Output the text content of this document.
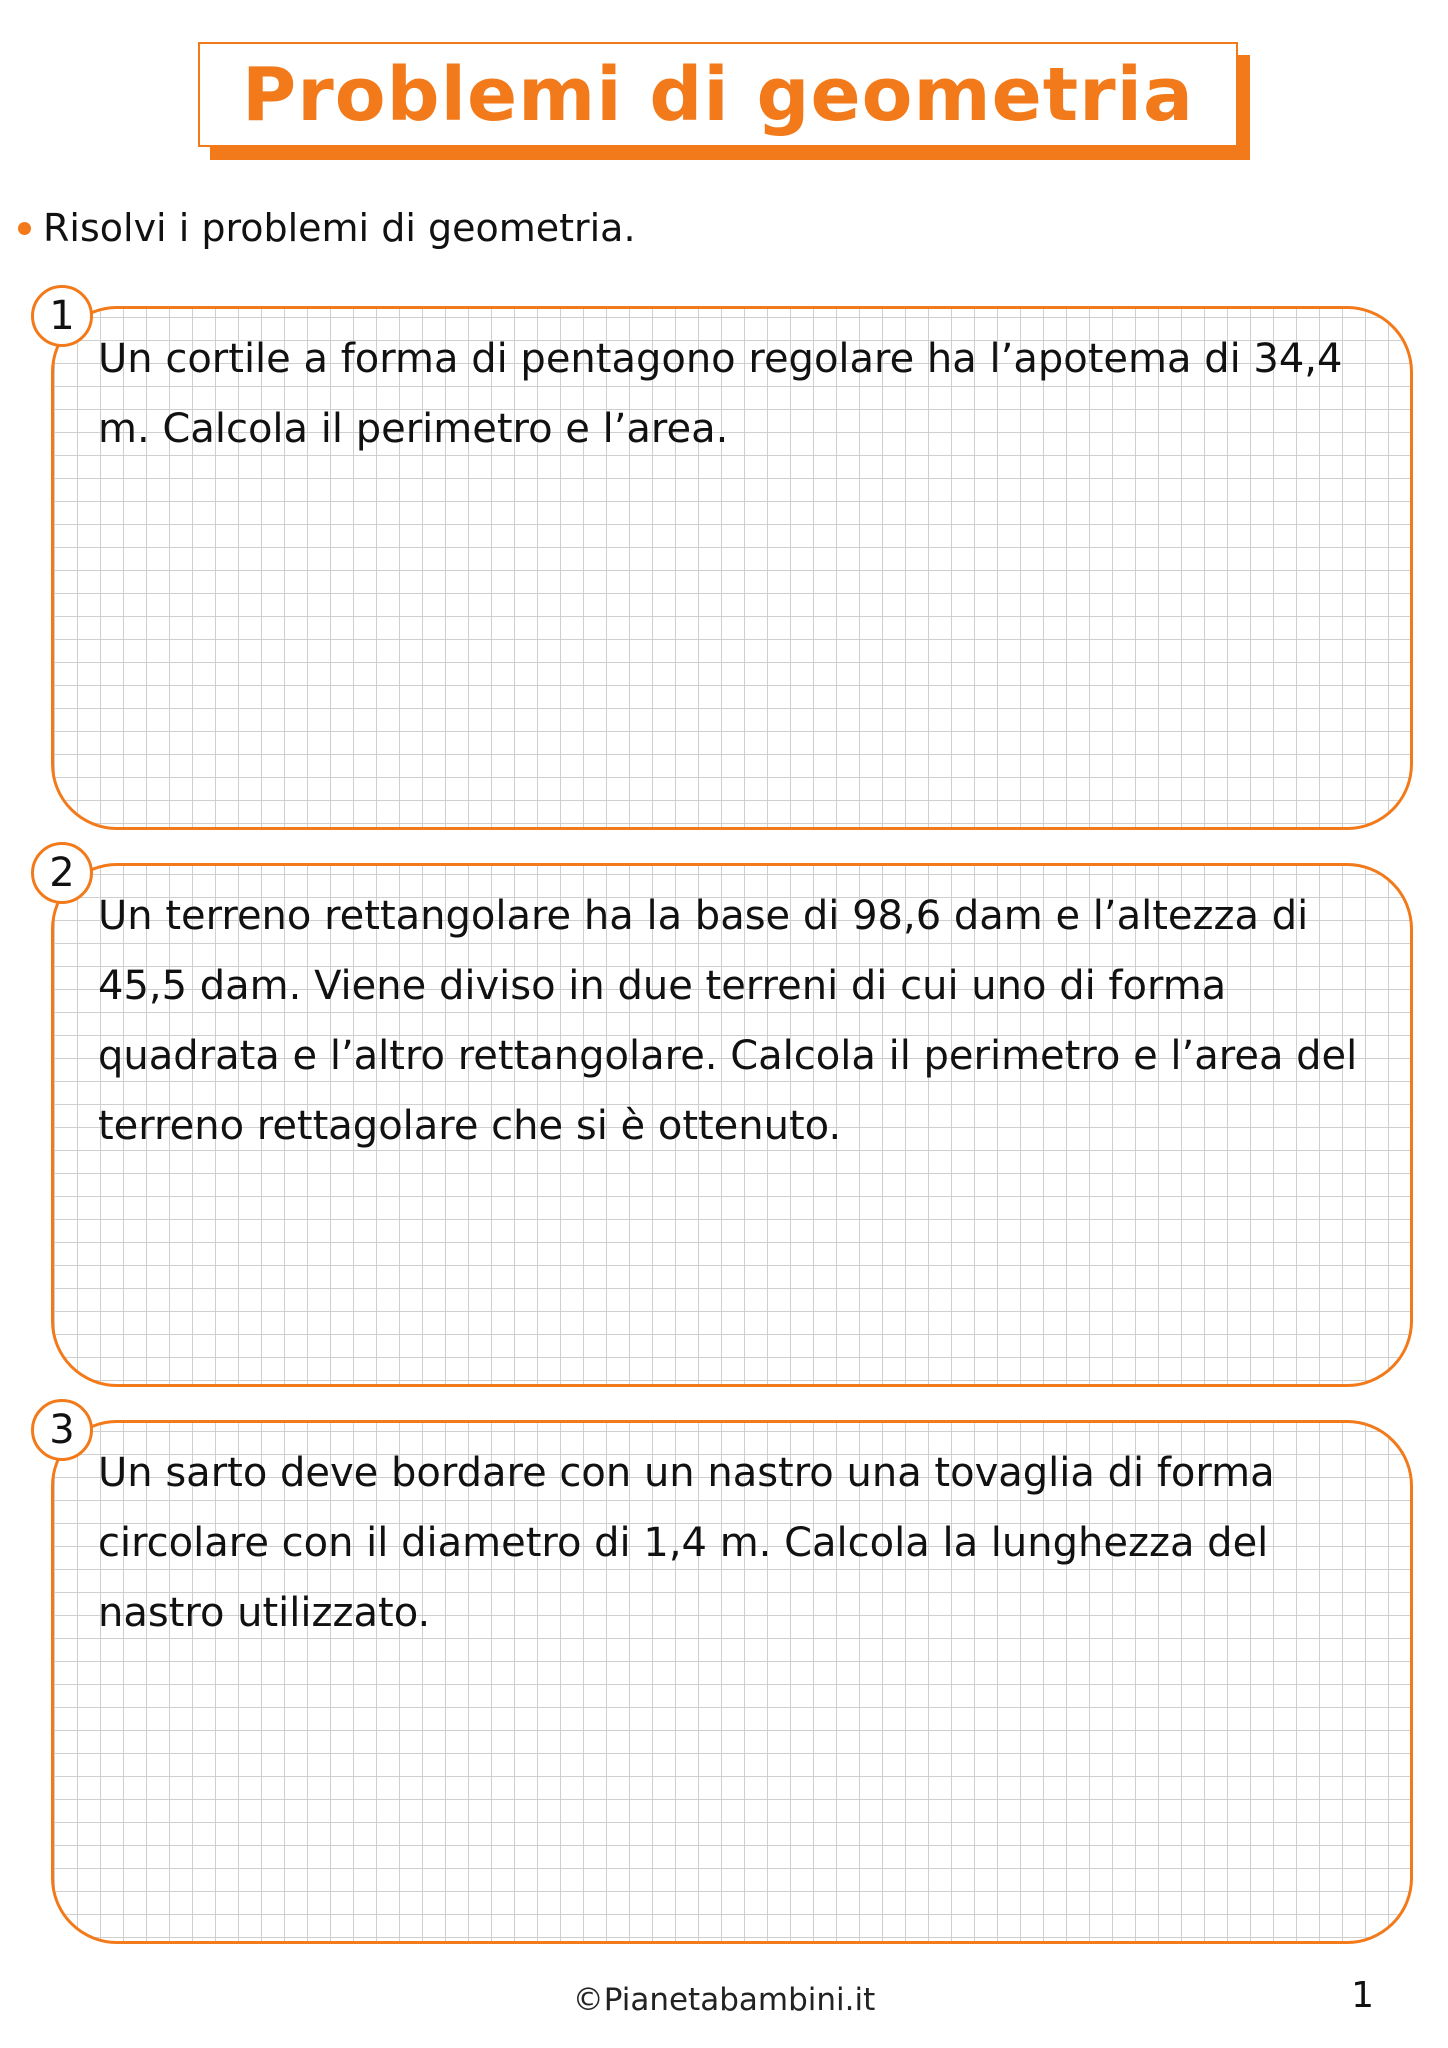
Problemi di geometria
Risolvi i problemi di geometria.

Un cortile a forma di pentagono regolare ha l’apotema di 34,4 m. Calcola il perimetro e l’area.

1

Un terreno rettangolare ha la base di 98,6 dam e l’altezza di 45,5 dam. Viene diviso in due terreni di cui uno di forma quadrata e l’altro rettangolare. Calcola il perimetro e l’area del terreno rettagolare che si è ottenuto.

2

Un sarto deve bordare con un nastro una tovaglia di forma circolare con il diametro di 1,4 m. Calcola la lunghezza del nastro utilizzato.

3
©Pianetabambini.it	1
